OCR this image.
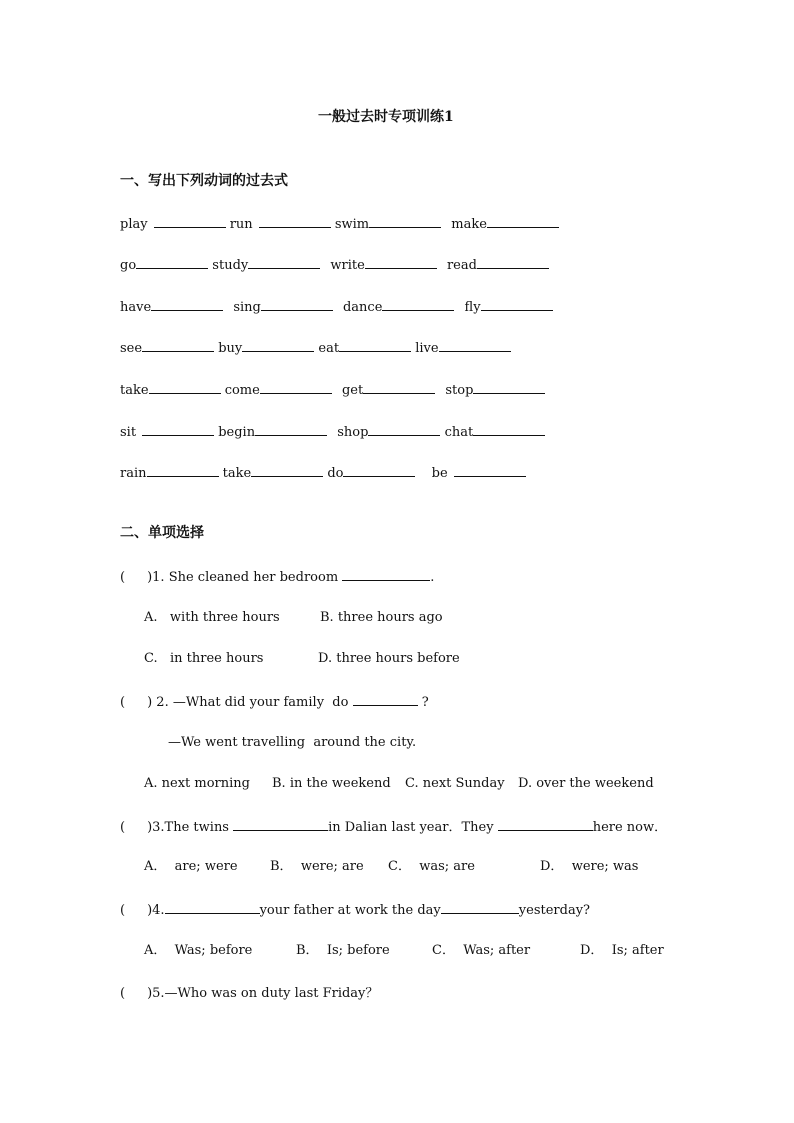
一般过去时专项训练1
一、写出下列动词的过去式
play	run	swim	make
go	study	write	read
have	sing	dance	fly
see	buy	eat	live
take	come	get	stop
sit	begin	shop	chat
rain	take	do	be
二、单项选择
( )1. She cleaned her bedroom	.
A.   with three hours	B. three hours ago
C.   in three hours	D. three hours before
( ) 2. —What did your family  do	?
—We went travelling  around the city.
A. next morning B. in the weekend C. next Sunday D. over the weekend
( )3.The twins	in Dalian last year．They	here now．
A．  are; were B．  were; are C．  was; are	D．  were; was
( )4.	your father at work the day	yesterday?
A．  Was; before	B．  Is; before	C．  Was; after	D．  Is; after
( )5.—Who was on duty last Friday？
